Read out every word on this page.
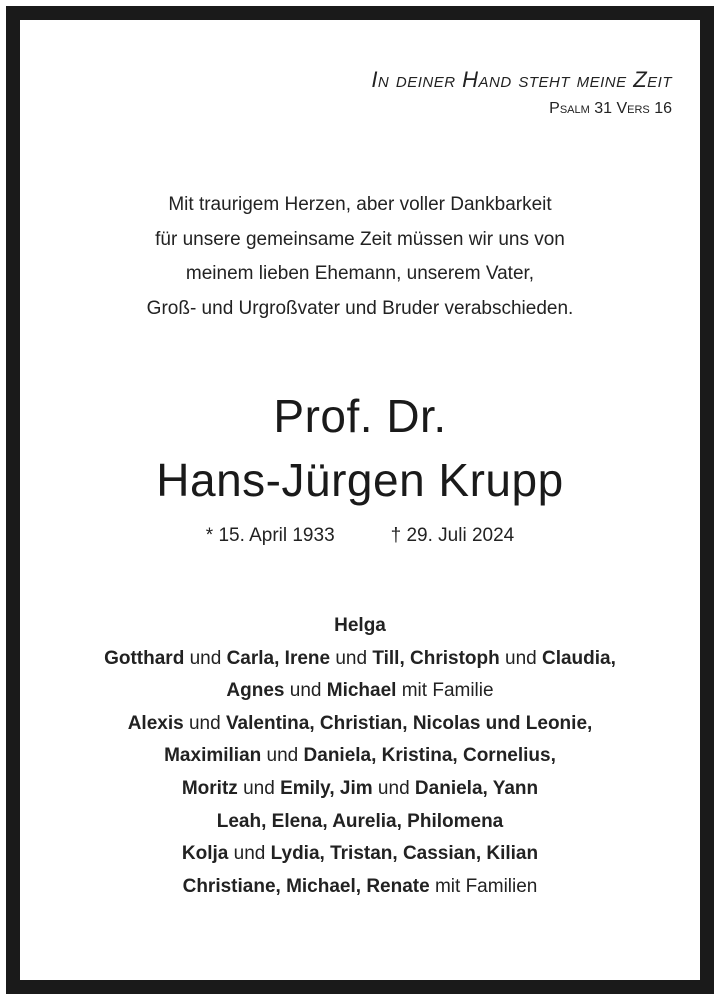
In deiner Hand steht meine Zeit
Psalm 31 Vers 16
Mit traurigem Herzen, aber voller Dankbarkeit
für unsere gemeinsame Zeit müssen wir uns von
meinem lieben Ehemann, unserem Vater,
Groß- und Urgroßvater und Bruder verabschieden.
Prof. Dr.
Hans-Jürgen Krupp
* 15. April 1933	† 29. Juli 2024
Helga
Gotthard und Carla, Irene und Till, Christoph und Claudia,
Agnes und Michael mit Familie
Alexis und Valentina, Christian, Nicolas und Leonie,
Maximilian und Daniela, Kristina, Cornelius,
Moritz und Emily, Jim und Daniela, Yann
Leah, Elena, Aurelia, Philomena
Kolja und Lydia, Tristan, Cassian, Kilian
Christiane, Michael, Renate mit Familien
